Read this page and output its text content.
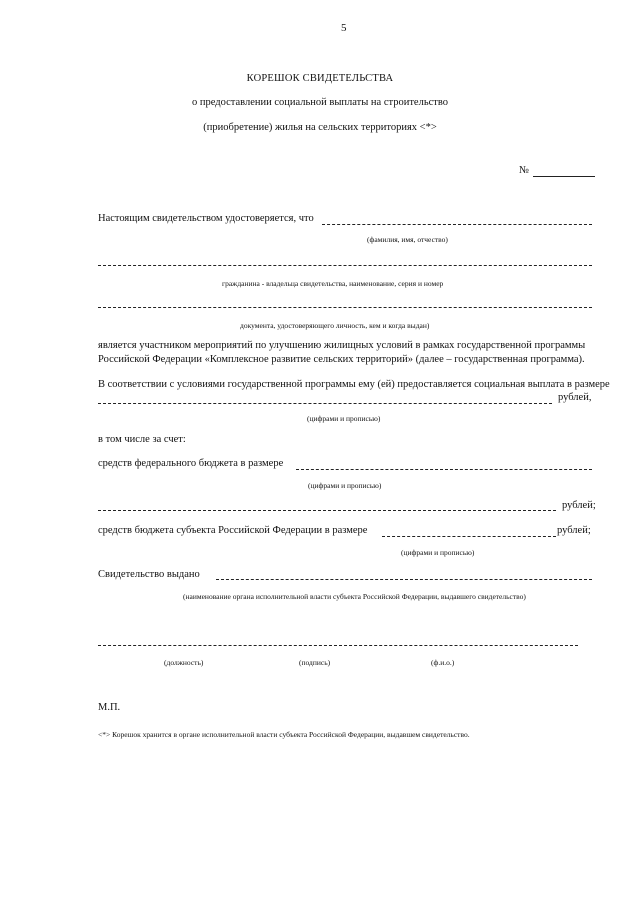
5
КОРЕШОК СВИДЕТЕЛЬСТВА
о предоставлении социальной выплаты на строительство
(приобретение) жилья на сельских территориях <*>
№
Настоящим свидетельством удостоверяется, что
(фамилия, имя, отчество)
гражданина - владельца свидетельства, наименование, серия и номер
документа, удостоверяющего личность, кем и когда выдан)
является участником мероприятий по улучшению жилищных условий в рамках государственной программы
Российской Федерации «Комплексное развитие сельских территорий» (далее – государственная программа).
В соответствии с условиями государственной программы ему (ей) предоставляется социальная выплата в размере
рублей,
(цифрами и прописью)
в том числе за счет:
средств федерального бюджета в размере
(цифрами и прописью)
рублей;
средств бюджета субъекта Российской Федерации в размере	рублей;
(цифрами и прописью)
Свидетельство выдано
(наименование органа исполнительной власти субъекта Российской Федерации, выдавшего свидетельство)
(должность)	(подпись)	(ф.и.о.)
М.П.
<*> Корешок хранится в органе исполнительной власти субъекта Российской Федерации, выдавшем свидетельство.
